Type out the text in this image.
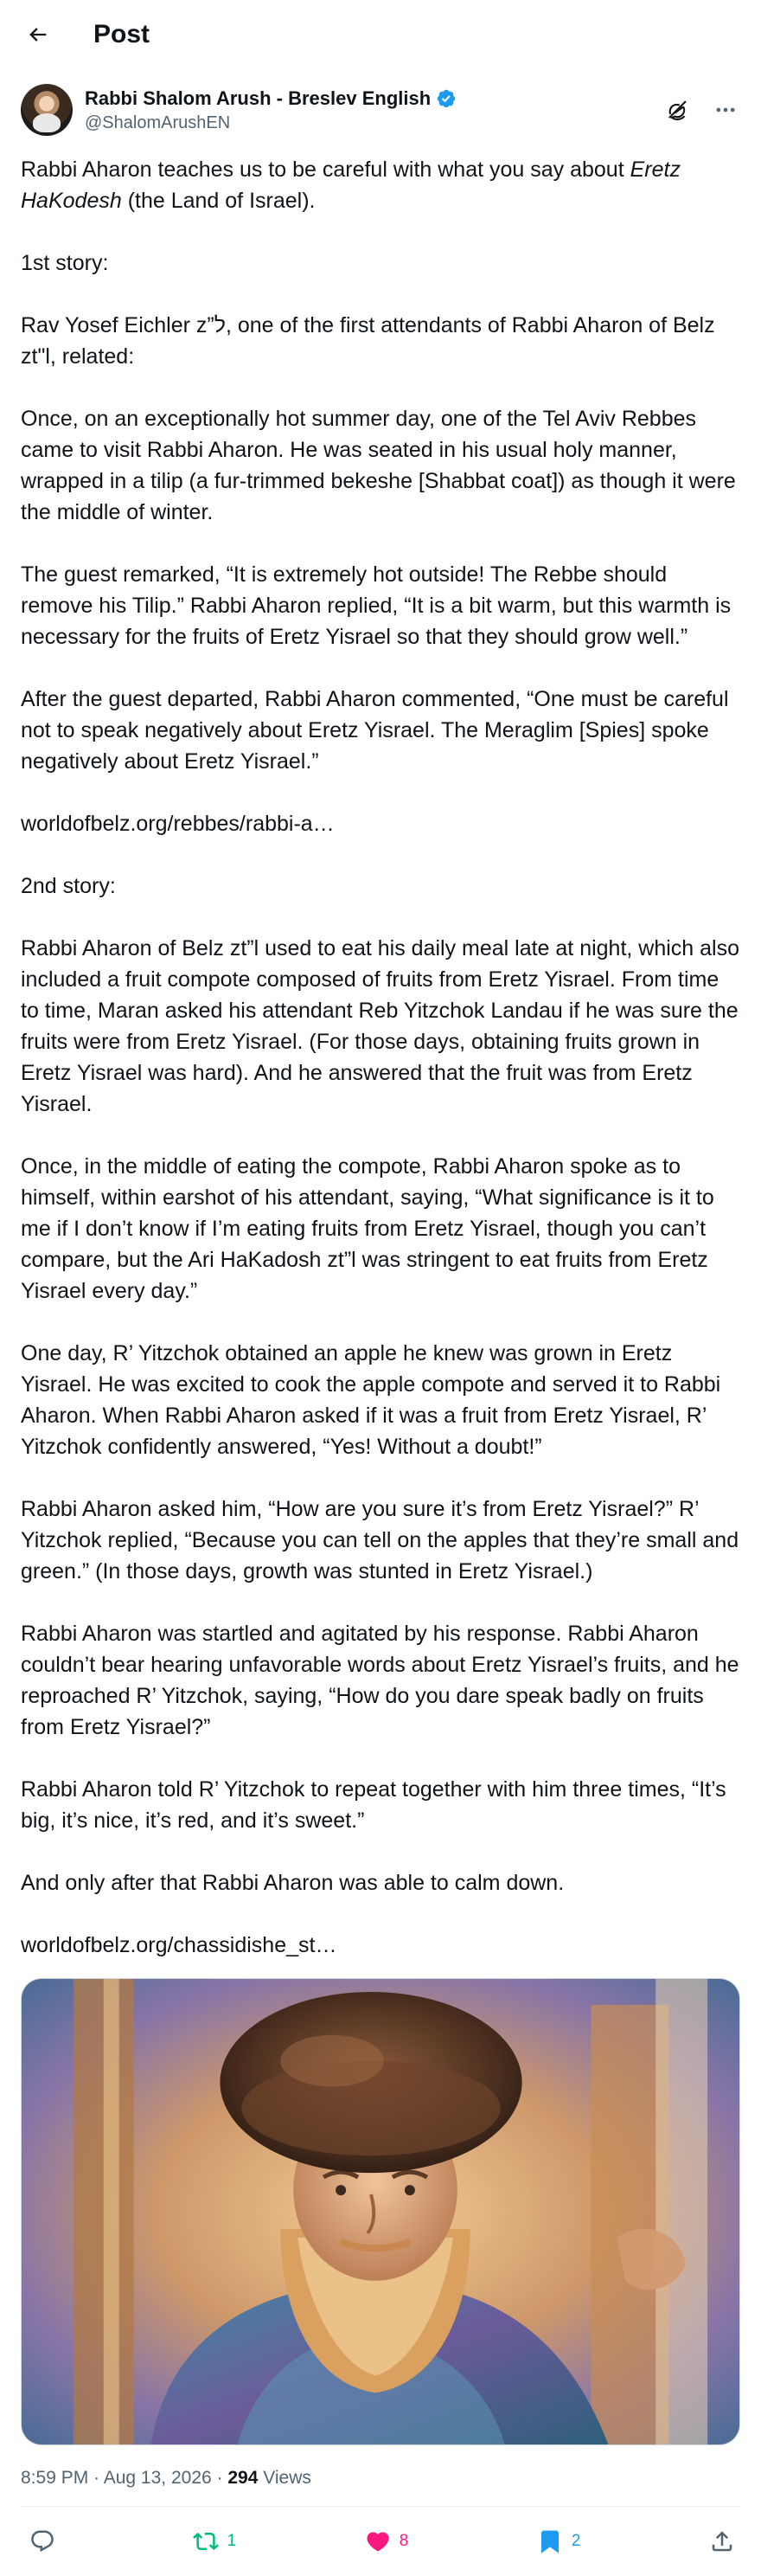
Post
Rabbi Shalom Arush - Breslev English
@ShalomArushEN

Rabbi Aharon teaches us to be careful with what you say about Eretz HaKodesh (the Land of Israel).

1st story:

Rav Yosef Eichler z”ל, one of the first attendants of Rabbi Aharon of Belz zt"l, related:

Once, on an exceptionally hot summer day, one of the Tel Aviv Rebbes came to visit Rabbi Aharon. He was seated in his usual holy manner, wrapped in a tilip (a fur-trimmed bekeshe [Shabbat coat]) as though it were the middle of winter.

The guest remarked, “It is extremely hot outside! The Rebbe should remove his Tilip.” Rabbi Aharon replied, “It is a bit warm, but this warmth is necessary for the fruits of Eretz Yisrael so that they should grow well.”

After the guest departed, Rabbi Aharon commented, “One must be careful not to speak negatively about Eretz Yisrael. The Meraglim [Spies] spoke negatively about Eretz Yisrael.”

worldofbelz.org/rebbes/rabbi-a…

2nd story:

Rabbi Aharon of Belz zt”l used to eat his daily meal late at night, which also included a fruit compote composed of fruits from Eretz Yisrael. From time to time, Maran asked his attendant Reb Yitzchok Landau if he was sure the fruits were from Eretz Yisrael. (For those days, obtaining fruits grown in Eretz Yisrael was hard). And he answered that the fruit was from Eretz Yisrael.

Once, in the middle of eating the compote, Rabbi Aharon spoke as to himself, within earshot of his attendant, saying, “What significance is it to me if I don’t know if I’m eating fruits from Eretz Yisrael, though you can’t compare, but the Ari HaKadosh zt”l was stringent to eat fruits from Eretz Yisrael every day.”

One day, R’ Yitzchok obtained an apple he knew was grown in Eretz Yisrael. He was excited to cook the apple compote and served it to Rabbi Aharon. When Rabbi Aharon asked if it was a fruit from Eretz Yisrael, R’ Yitzchok confidently answered, “Yes! Without a doubt!”

Rabbi Aharon asked him, “How are you sure it’s from Eretz Yisrael?” R’ Yitzchok replied, “Because you can tell on the apples that they’re small and green.” (In those days, growth was stunted in Eretz Yisrael.)

Rabbi Aharon was startled and agitated by his response. Rabbi Aharon couldn’t bear hearing unfavorable words about Eretz Yisrael’s fruits, and he reproached R’ Yitzchok, saying, “How do you dare speak badly on fruits from Eretz Yisrael?”

Rabbi Aharon told R’ Yitzchok to repeat together with him three times, “It’s big, it’s nice, it’s red, and it’s sweet.”

And only after that Rabbi Aharon was able to calm down.

worldofbelz.org/chassidishe_st…

8:59 PM · Aug 13, 2026 · 294 Views
1	8	2
